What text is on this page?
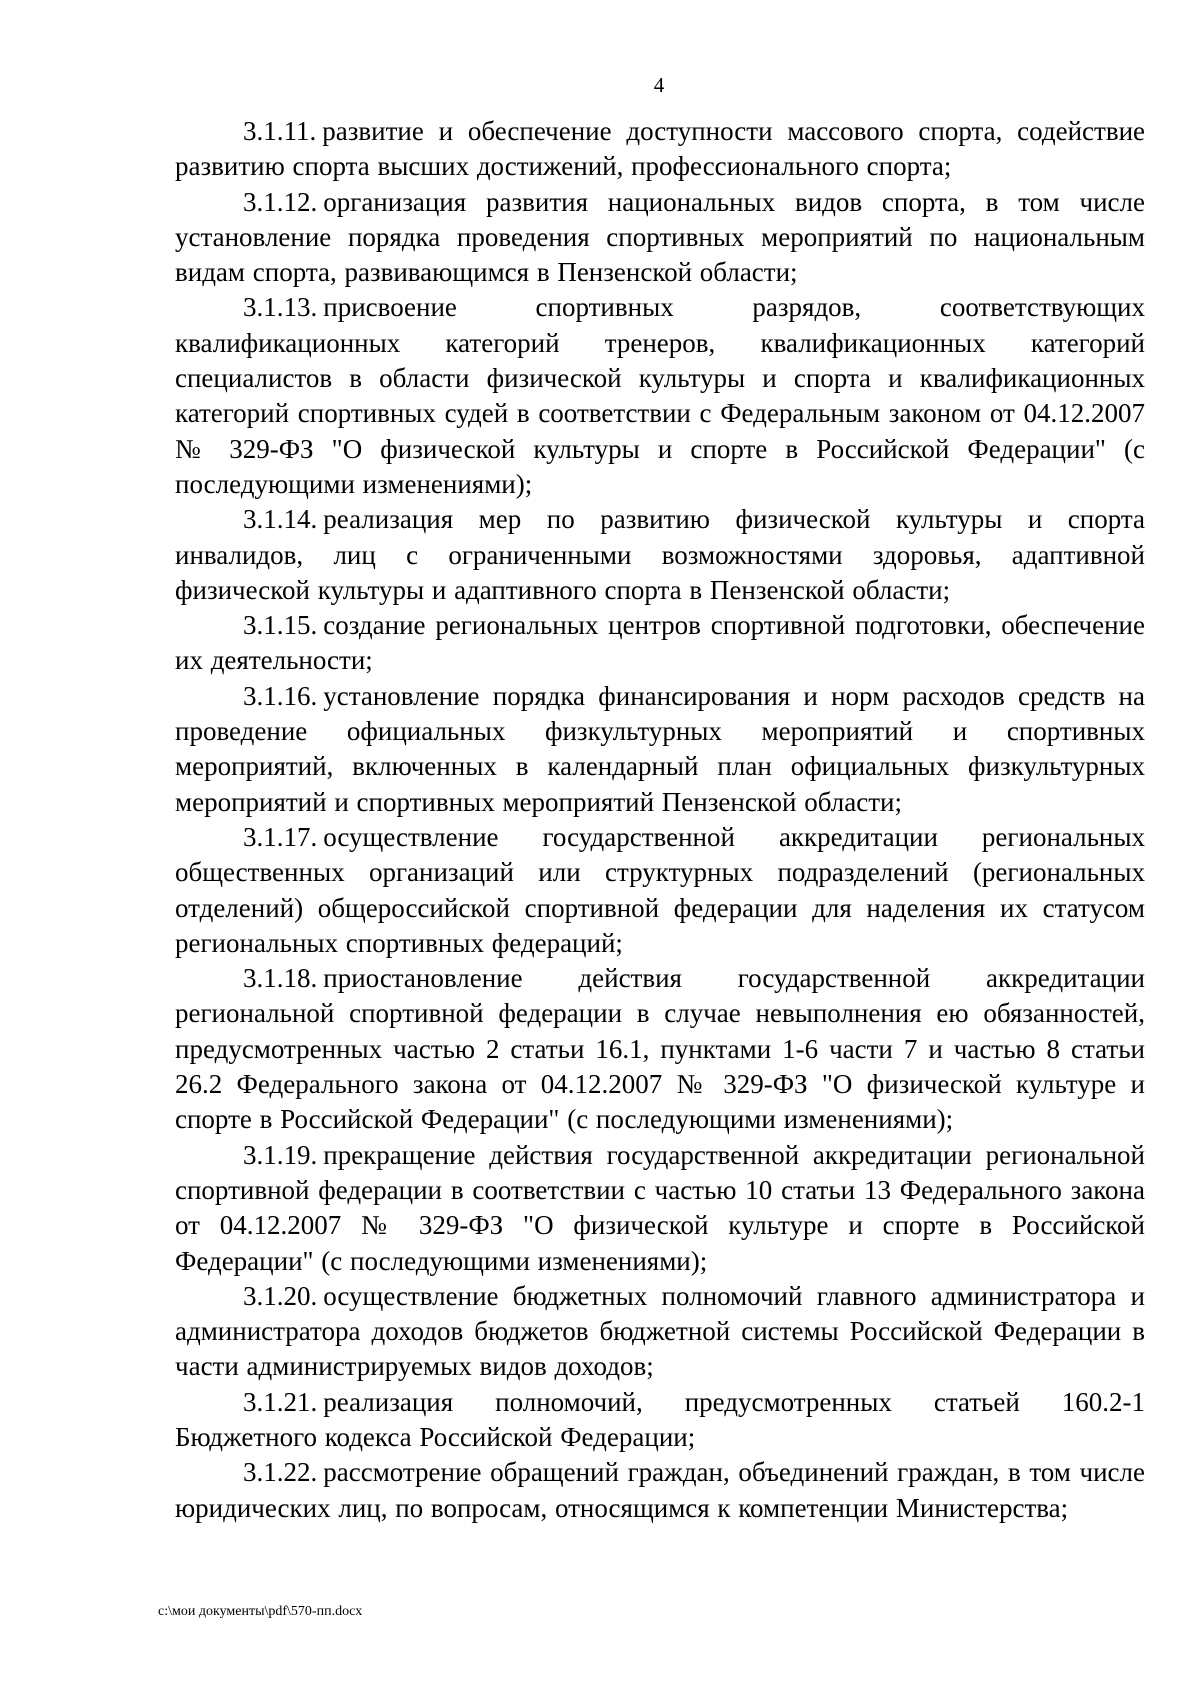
4

3.1.11. развитие и обеспечение доступности массового спорта, содействие развитию спорта высших достижений, профессионального спорта;

3.1.12. организация развития национальных видов спорта, в том числе установление порядка проведения спортивных мероприятий по национальным видам спорта, развивающимся в Пензенской области;

3.1.13. присвоение спортивных разрядов, соответствующих квалификационных категорий тренеров, квалификационных категорий специалистов в области физической культуры и спорта и квалификационных категорий спортивных судей в соответствии с Федеральным законом от 04.12.2007 № 329-ФЗ "О физической культуры и спорте в Российской Федерации" (с последующими изменениями);

3.1.14. реализация мер по развитию физической культуры и спорта инвалидов, лиц с ограниченными возможностями здоровья, адаптивной физической культуры и адаптивного спорта в Пензенской области;

3.1.15. создание региональных центров спортивной подготовки, обеспечение их деятельности;

3.1.16. установление порядка финансирования и норм расходов средств на проведение официальных физкультурных мероприятий и спортивных мероприятий, включенных в календарный план официальных физкультурных мероприятий и спортивных мероприятий Пензенской области;

3.1.17. осуществление государственной аккредитации региональных общественных организаций или структурных подразделений (региональных отделений) общероссийской спортивной федерации для наделения их статусом региональных спортивных федераций;

3.1.18. приостановление действия государственной аккредитации региональной спортивной федерации в случае невыполнения ею обязанностей, предусмотренных частью 2 статьи 16.1, пунктами 1-6 части 7 и частью 8 статьи 26.2 Федерального закона от 04.12.2007 № 329-ФЗ "О физической культуре и спорте в Российской Федерации" (с последующими изменениями);

3.1.19. прекращение действия государственной аккредитации региональной спортивной федерации в соответствии с частью 10 статьи 13 Федерального закона от 04.12.2007 № 329-ФЗ "О физической культуре и спорте в Российской Федерации" (с последующими изменениями);

3.1.20. осуществление бюджетных полномочий главного администратора и администратора доходов бюджетов бюджетной системы Российской Федерации в части администрируемых видов доходов;

3.1.21. реализация полномочий, предусмотренных статьей 160.2-1 Бюджетного кодекса Российской Федерации;

3.1.22. рассмотрение обращений граждан, объединений граждан, в том числе юридических лиц, по вопросам, относящимся к компетенции Министерства;

c:\мои документы\pdf\570-пп.docx
